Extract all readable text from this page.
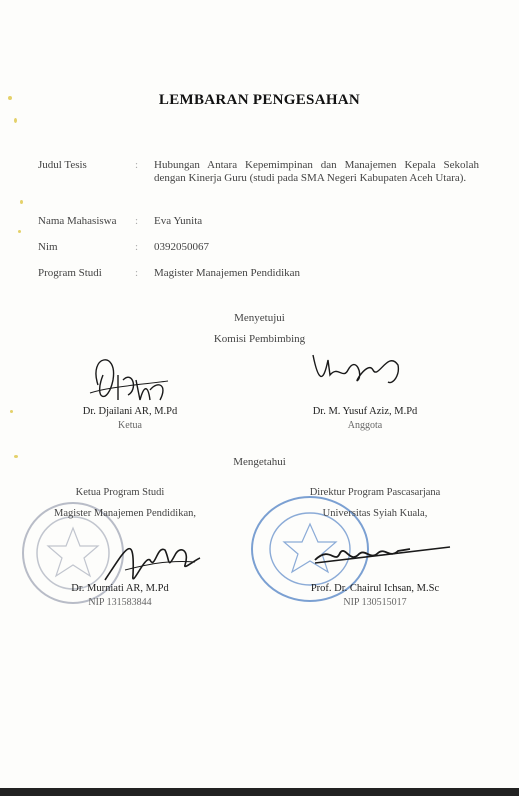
LEMBARAN PENGESAHAN
Judul Tesis	:	Hubungan Antara Kepemimpinan dan Manajemen Kepala Sekolah dengan Kinerja Guru (studi pada SMA Negeri Kabupaten Aceh Utara).
Nama Mahasiswa	:	Eva Yunita
Nim	:	0392050067
Program Studi	:	Magister Manajemen Pendidikan
Menyetujui
Komisi Pembimbing
Dr. Djailani AR, M.Pd
Ketua
Dr. M. Yusuf Aziz, M.Pd
Anggota
Mengetahui
Ketua Program Studi
Magister Manajemen Pendidikan,
Dr. Murniati AR, M.Pd
NIP 131583844
Direktur Program Pascasarjana
Universitas Syiah Kuala,
Prof. Dr. Chairul Ichsan, M.Sc
NIP 130515017
